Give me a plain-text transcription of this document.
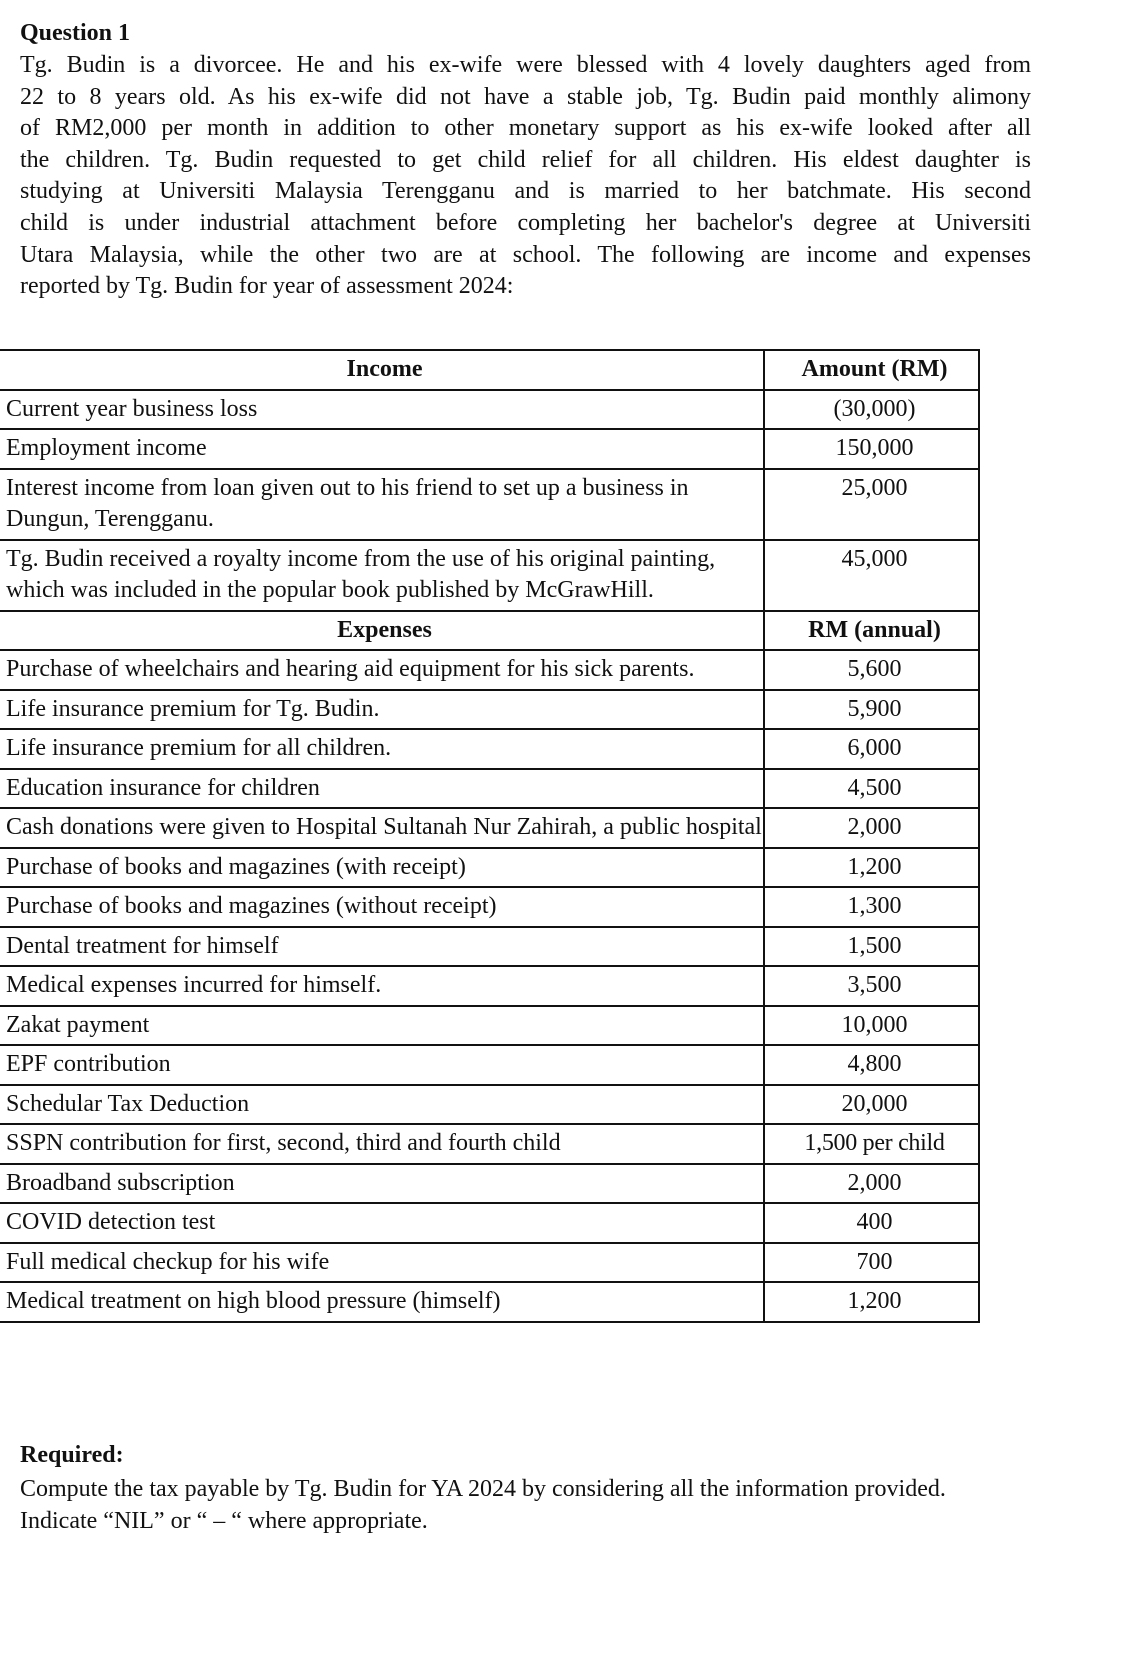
Question 1
Tg. Budin is a divorcee. He and his ex-wife were blessed with 4 lovely daughters aged from
22 to 8 years old. As his ex-wife did not have a stable job, Tg. Budin paid monthly alimony
of RM2,000 per month in addition to other monetary support as his ex-wife looked after all
the children. Tg. Budin requested to get child relief for all children. His eldest daughter is
studying at Universiti Malaysia Terengganu and is married to her batchmate. His second
child is under industrial attachment before completing her bachelor's degree at Universiti
Utara Malaysia, while the other two are at school. The following are income and expenses
reported by Tg. Budin for year of assessment 2024:
Income	Amount (RM)
Current year business loss	(30,000)
Employment income	150,000
Interest income from loan given out to his friend to set up a business in Dungun, Terengganu.	25,000
Tg. Budin received a royalty income from the use of his original painting, which was included in the popular book published by McGrawHill.	45,000
Expenses	RM (annual)
Purchase of wheelchairs and hearing aid equipment for his sick parents.	5,600
Life insurance premium for Tg. Budin.	5,900
Life insurance premium for all children.	6,000
Education insurance for children	4,500
Cash donations were given to Hospital Sultanah Nur Zahirah, a public hospital	2,000
Purchase of books and magazines (with receipt)	1,200
Purchase of books and magazines (without receipt)	1,300
Dental treatment for himself	1,500
Medical expenses incurred for himself.	3,500
Zakat payment	10,000
EPF contribution	4,800
Schedular Tax Deduction	20,000
SSPN contribution for first, second, third and fourth child	1,500 per child
Broadband subscription	2,000
COVID detection test	400
Full medical checkup for his wife	700
Medical treatment on high blood pressure (himself)	1,200
Required:
Compute the tax payable by Tg. Budin for YA 2024 by considering all the information provided.
Indicate “NIL” or “ – “ where appropriate.
